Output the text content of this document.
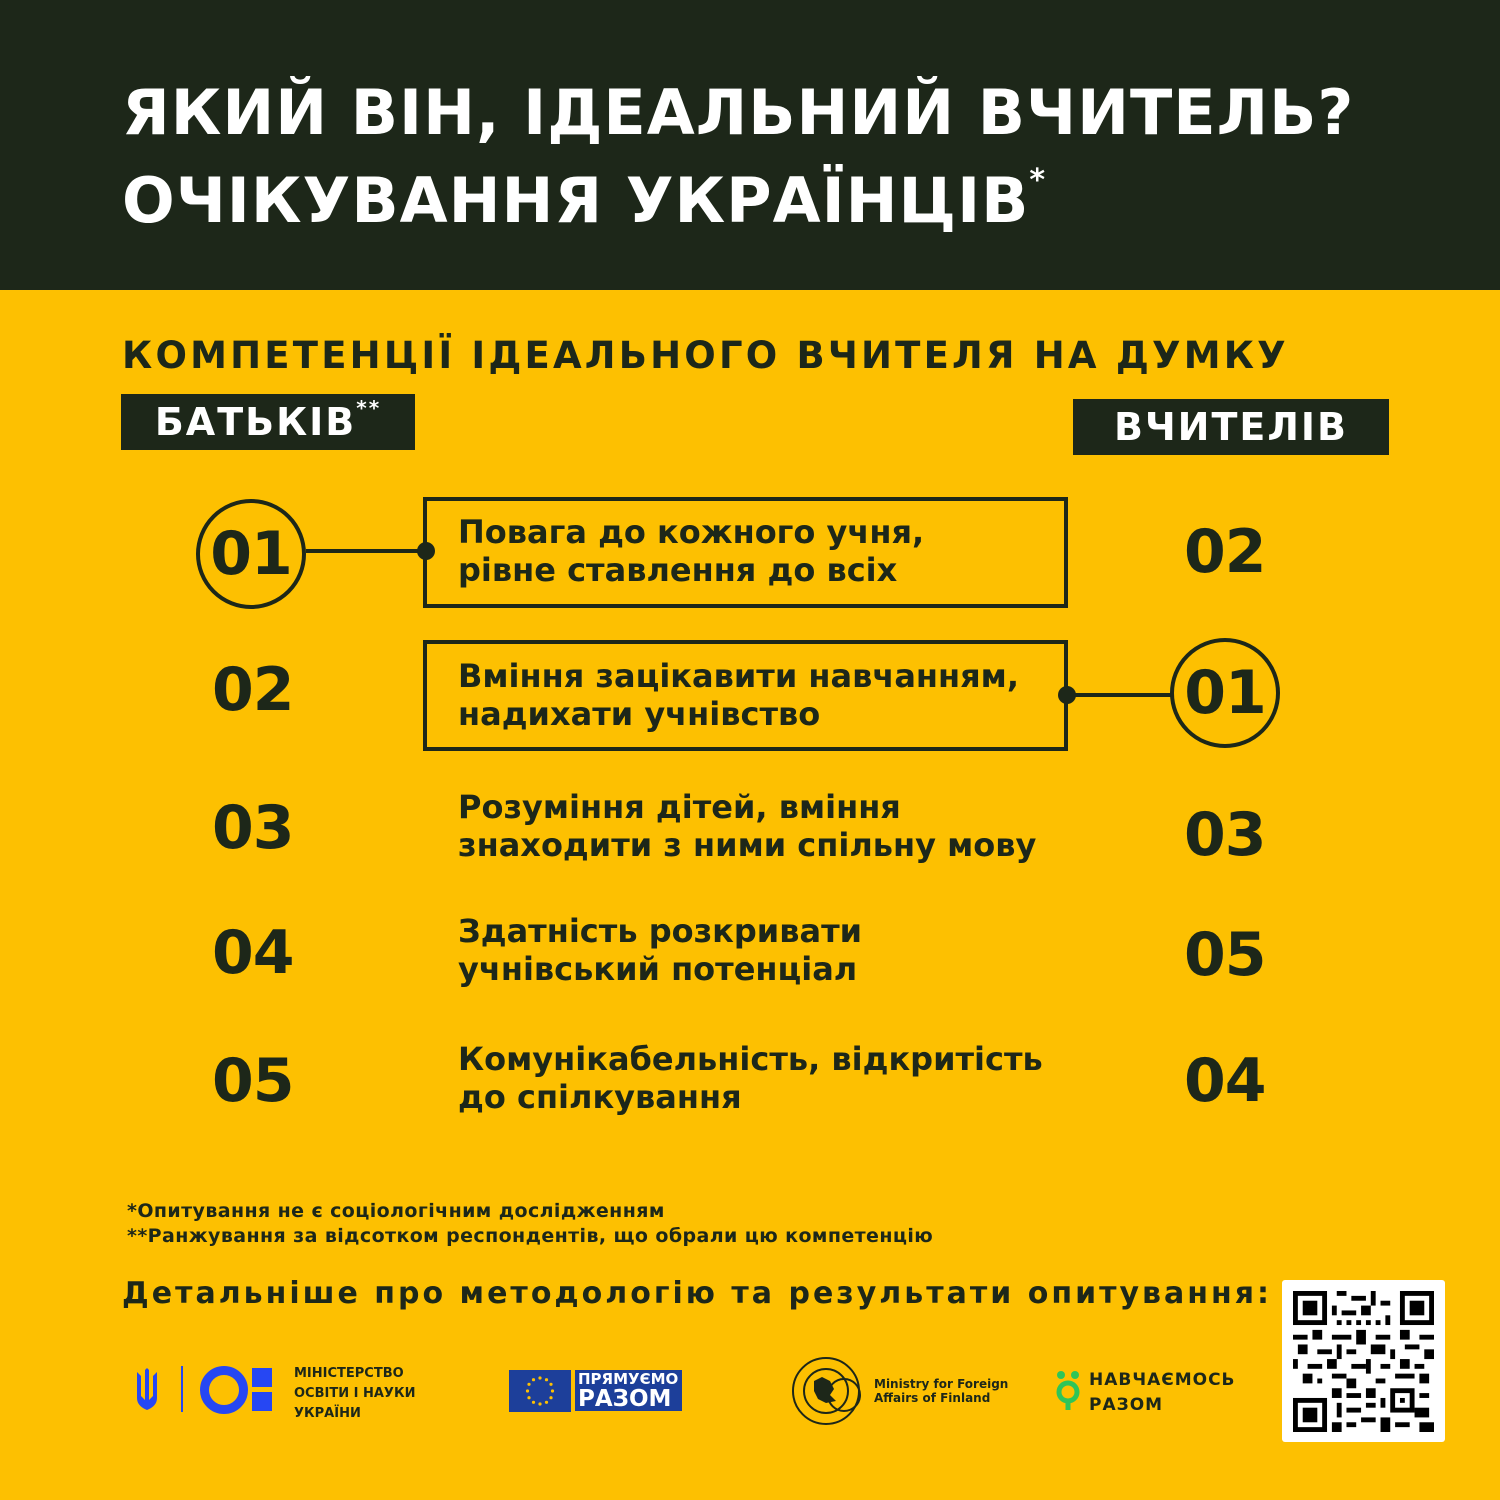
ЯКИЙ ВІН, ІДЕАЛЬНИЙ ВЧИТЕЛЬ?
ОЧІКУВАННЯ УКРАЇНЦІВ*
КОМПЕТЕНЦІЇ ІДЕАЛЬНОГО ВЧИТЕЛЯ НА ДУМКУ
БАТЬКІВ**	ВЧИТЕЛІВ
01	Повага до кожного учня,
рівне ставлення до всіх	02
02	Вміння зацікавити навчанням,
надихати учнівство	01
03	Розуміння дітей, вміння
знаходити з ними спільну мову 03
04	Здатність розкривати
учнівський потенціал	05
05	Комунікабельність, відкритість
до спілкування	04
*Опитування не є соціологічним дослідженням
**Ранжування за відсотком респондентів, що обрали цю компетенцію
Детальніше про методологію та результати опитування:
МІНІСТЕРСТВО
ОСВІТИ І НАУКИ
УКРАЇНИ
ПРЯМУЄМО
РАЗОМ
Ministry for Foreign
Affairs of Finland
НАВЧАЄМОСЬ
РАЗОМ
